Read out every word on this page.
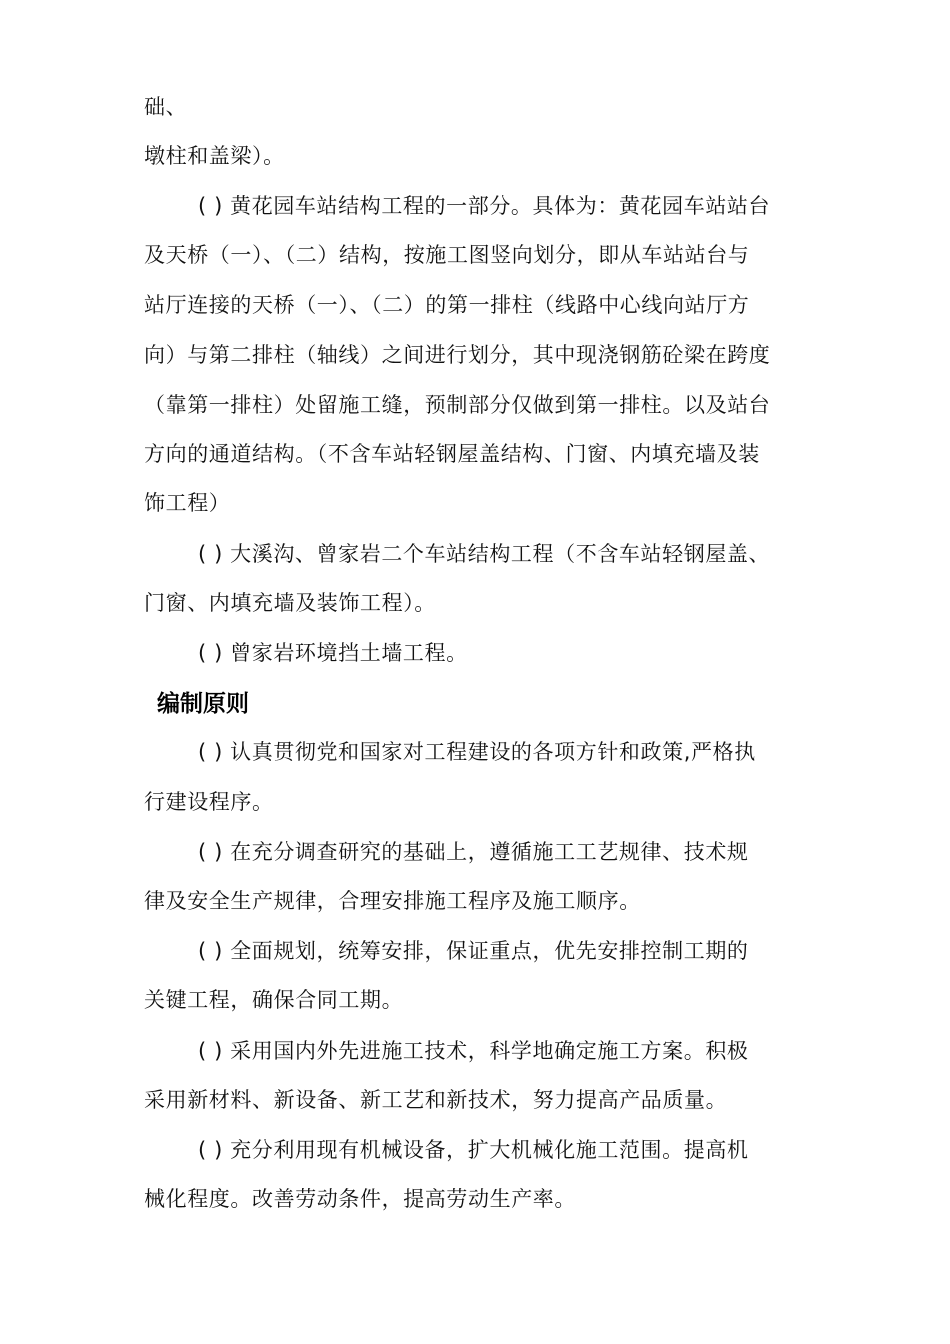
础、
墩柱和盖梁）。
( ) 黄花园车站结构工程的一部分。具体为：黄花园车站站台
及天桥（一）、（二）结构，按施工图竖向划分，即从车站站台与
站厅连接的天桥（一）、（二）的第一排柱（线路中心线向站厅方
向）与第二排柱（轴线）之间进行划分，其中现浇钢筋砼梁在跨度
（靠第一排柱）处留施工缝，预制部分仅做到第一排柱。以及站台
方向的通道结构。（不含车站轻钢屋盖结构、门窗、内填充墙及装
饰工程）
( ) 大溪沟、曾家岩二个车站结构工程（不含车站轻钢屋盖、
门窗、内填充墙及装饰工程）。
( ) 曾家岩环境挡土墙工程。
编制原则
( ) 认真贯彻党和国家对工程建设的各项方针和政策,严格执
行建设程序。
( ) 在充分调查研究的基础上，遵循施工工艺规律、技术规
律及安全生产规律，合理安排施工程序及施工顺序。
( ) 全面规划，统筹安排，保证重点，优先安排控制工期的
关键工程，确保合同工期。
( ) 采用国内外先进施工技术，科学地确定施工方案。积极
采用新材料、新设备、新工艺和新技术，努力提高产品质量。
( ) 充分利用现有机械设备，扩大机械化施工范围。提高机
械化程度。改善劳动条件，提高劳动生产率。
